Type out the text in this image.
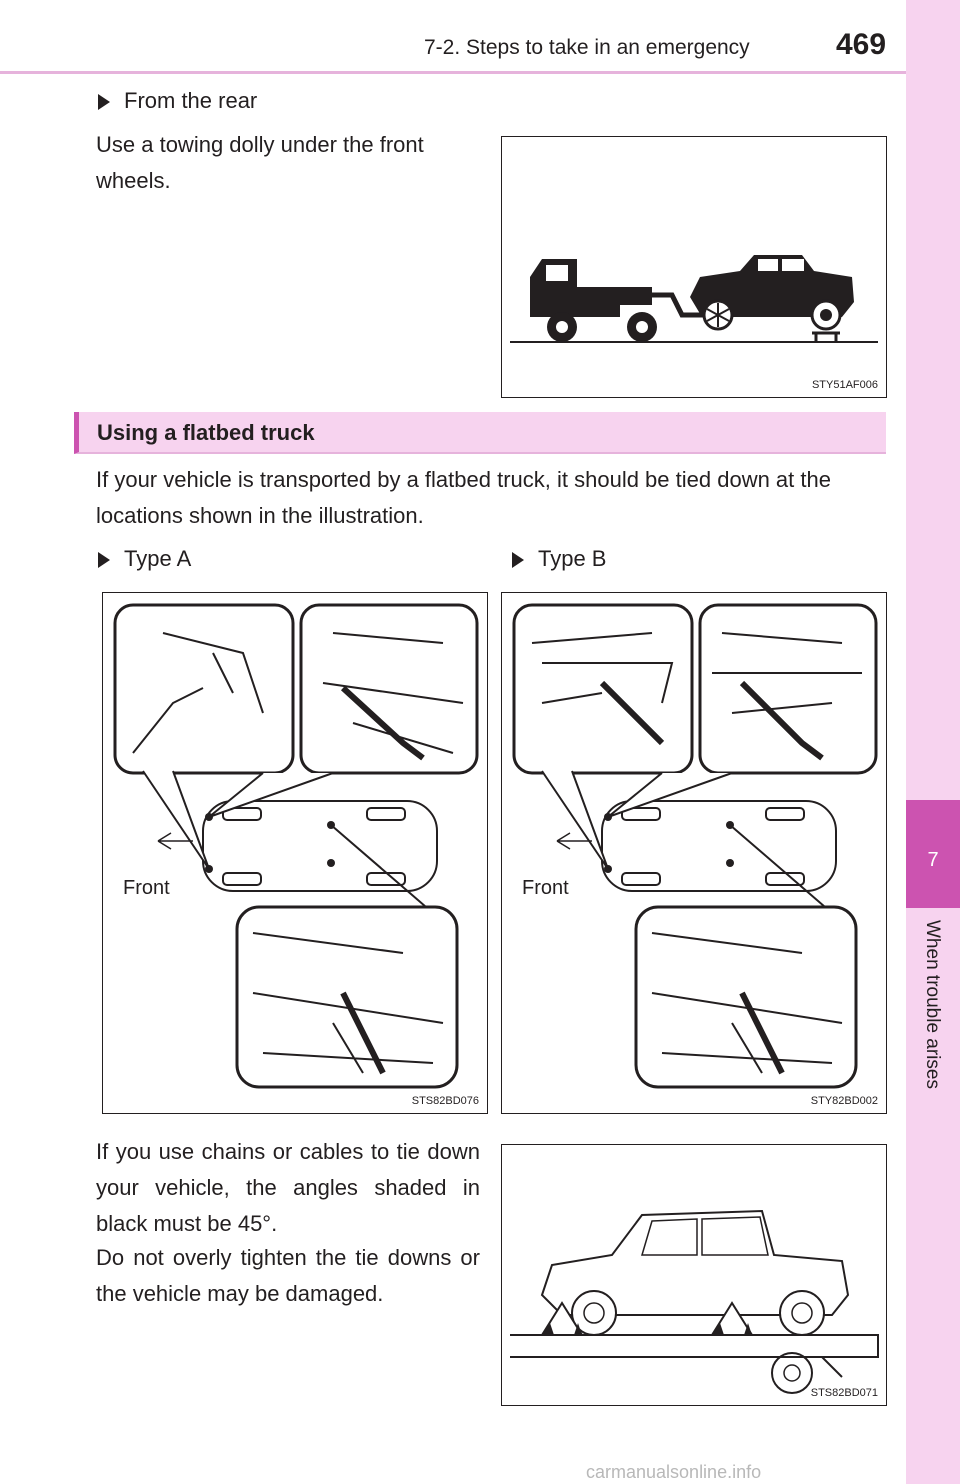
7-2. Steps to take in an emergency	469
7
When trouble arises
From the rear
Use a towing dolly under the front wheels.
STY51AF006
Using a flatbed truck
If your vehicle is transported by a flatbed truck, it should be tied down at the locations shown in the illustration.
Type A	Type B
Front
STS82BD076
Front
STY82BD002
If you use chains or cables to tie down your vehicle, the angles shaded in black must be 45°.
Do not overly tighten the tie downs or the vehicle may be damaged.
STS82BD071
carmanualsonline.info
